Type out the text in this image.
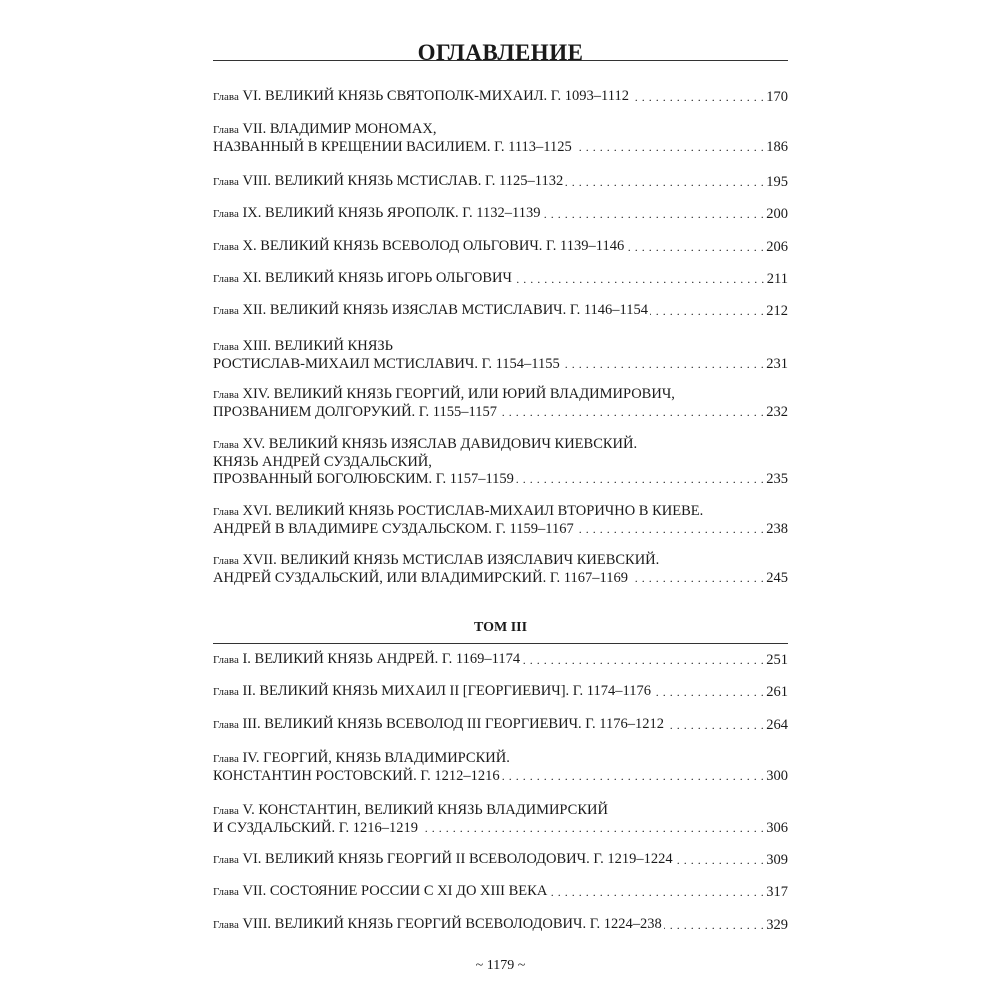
ОГЛАВЛЕНИЕ
Глава VI. ВЕЛИКИЙ КНЯЗЬ СВЯТОПОЛК-МИХАИЛ. Г. 1093–1112 . . .	170
Глава VII. ВЛАДИМИР МОНОМАХ,
НАЗВАННЫЙ В КРЕЩЕНИИ ВАСИЛИЕМ. Г. 1113–1125 . . .	186
Глава VIII. ВЕЛИКИЙ КНЯЗЬ МСТИСЛАВ. Г. 1125–1132 . . .	195
Глава IX. ВЕЛИКИЙ КНЯЗЬ ЯРОПОЛК. Г. 1132–1139 . . .	200
Глава X. ВЕЛИКИЙ КНЯЗЬ ВСЕВОЛОД ОЛЬГОВИЧ. Г. 1139–1146 . . .	206
Глава XI. ВЕЛИКИЙ КНЯЗЬ ИГОРЬ ОЛЬГОВИЧ . . .	211
Глава XII. ВЕЛИКИЙ КНЯЗЬ ИЗЯСЛАВ МСТИСЛАВИЧ. Г. 1146–1154 . . .	212
Глава XIII. ВЕЛИКИЙ КНЯЗЬ
РОСТИСЛАВ-МИХАИЛ МСТИСЛАВИЧ. Г. 1154–1155 . . .	231
Глава XIV. ВЕЛИКИЙ КНЯЗЬ ГЕОРГИЙ, ИЛИ ЮРИЙ ВЛАДИМИРОВИЧ,
ПРОЗВАНИЕМ ДОЛГОРУКИЙ. Г. 1155–1157 . . .	232
Глава XV. ВЕЛИКИЙ КНЯЗЬ ИЗЯСЛАВ ДАВИДОВИЧ КИЕВСКИЙ.
КНЯЗЬ АНДРЕЙ СУЗДАЛЬСКИЙ,
ПРОЗВАННЫЙ БОГОЛЮБСКИМ. Г. 1157–1159 . . .	235
Глава XVI. ВЕЛИКИЙ КНЯЗЬ РОСТИСЛАВ-МИХАИЛ ВТОРИЧНО В КИЕВЕ.
АНДРЕЙ В ВЛАДИМИРЕ СУЗДАЛЬСКОМ. Г. 1159–1167 . . .	238
Глава XVII. ВЕЛИКИЙ КНЯЗЬ МСТИСЛАВ ИЗЯСЛАВИЧ КИЕВСКИЙ.
АНДРЕЙ СУЗДАЛЬСКИЙ, ИЛИ ВЛАДИМИРСКИЙ. Г. 1167–1169 . . .	245
ТОМ III
Глава I. ВЕЛИКИЙ КНЯЗЬ АНДРЕЙ. Г. 1169–1174 . . .	251
Глава II. ВЕЛИКИЙ КНЯЗЬ МИХАИЛ II [ГЕОРГИЕВИЧ]. Г. 1174–1176 . . .	261
Глава III. ВЕЛИКИЙ КНЯЗЬ ВСЕВОЛОД III ГЕОРГИЕВИЧ. Г. 1176–1212 . . .	264
Глава IV. ГЕОРГИЙ, КНЯЗЬ ВЛАДИМИРСКИЙ.
КОНСТАНТИН РОСТОВСКИЙ. Г. 1212–1216 . . .	300
Глава V. КОНСТАНТИН, ВЕЛИКИЙ КНЯЗЬ ВЛАДИМИРСКИЙ
И СУЗДАЛЬСКИЙ. Г. 1216–1219 . . .	306
Глава VI. ВЕЛИКИЙ КНЯЗЬ ГЕОРГИЙ II ВСЕВОЛОДОВИЧ. Г. 1219–1224 . . .	309
Глава VII. СОСТОЯНИЕ РОССИИ С XI ДО XIII ВЕКА . . .	317
Глава VIII. ВЕЛИКИЙ КНЯЗЬ ГЕОРГИЙ ВСЕВОЛОДОВИЧ. Г. 1224–238 . . .	329
~ 1179 ~
